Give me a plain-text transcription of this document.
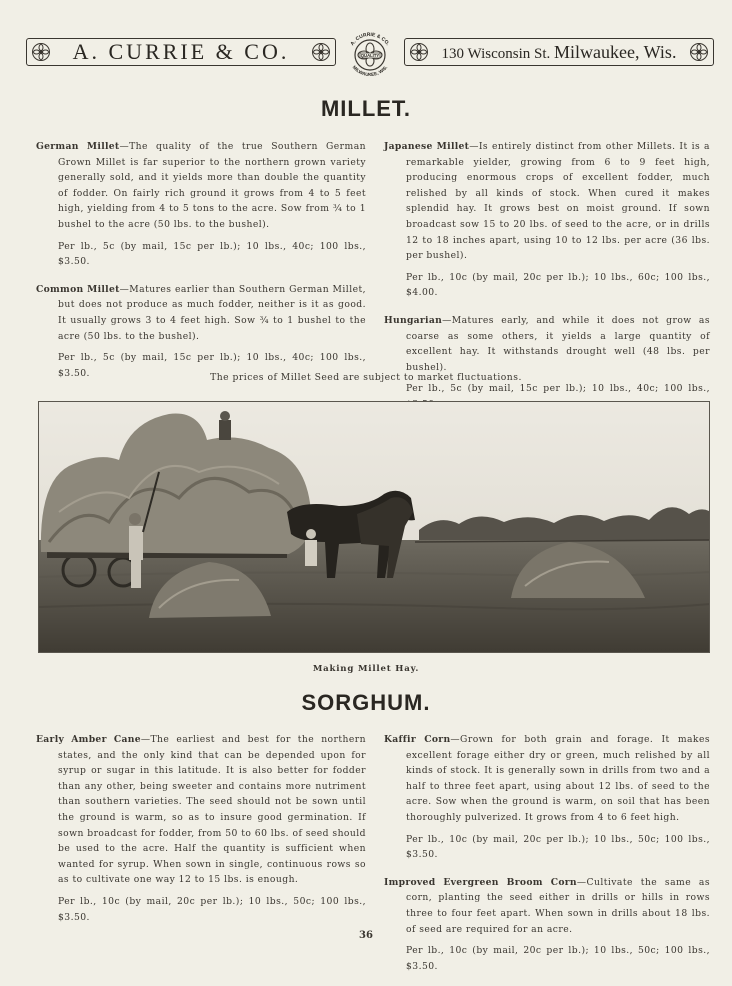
A. CURRIE & CO.	QUALITY
A. CURRIE & CO.
MILWAUKEE, WIS.
130 Wisconsin St. Milwaukee, Wis.
MILLET.

German Millet—The quality of the true Southern German Grown Millet is far superior to the northern grown variety generally sold, and it yields more than double the quantity of fodder. On fairly rich ground it grows from 4 to 5 feet high, yielding from 4 to 5 tons to the acre. Sow from ¾ to 1 bushel to the acre (50 lbs. to the bushel).

Per lb., 5c (by mail, 15c per lb.); 10 lbs., 40c; 100 lbs., $3.50.

Common Millet—Matures earlier than Southern German Millet, but does not produce as much fodder, neither is it as good. It usually grows 3 to 4 feet high. Sow ¾ to 1 bushel to the acre (50 lbs. to the bushel).

Per lb., 5c (by mail, 15c per lb.); 10 lbs., 40c; 100 lbs., $3.50.

Japanese Millet—Is entirely distinct from other Millets. It is a remarkable yielder, growing from 6 to 9 feet high, producing enormous crops of excellent fodder, much relished by all kinds of stock. When cured it makes splendid hay. It grows best on moist ground. If sown broadcast sow 15 to 20 lbs. of seed to the acre, or in drills 12 to 18 inches apart, using 10 to 12 lbs. per acre (36 lbs. per bushel).

Per lb., 10c (by mail, 20c per lb.); 10 lbs., 60c; 100 lbs., $4.00.

Hungarian—Matures early, and while it does not grow as coarse as some others, it yields a large quantity of excellent hay. It withstands drought well (48 lbs. per bushel).

Per lb., 5c (by mail, 15c per lb.); 10 lbs., 40c; 100 lbs.,

The prices of Millet Seed are subject to market fluctuations.
Making Millet Hay.
SORGHUM.

Early Amber Cane—The earliest and best for the northern states, and the only kind that can be depended upon for syrup or sugar in this latitude. It is also better for fodder than any other, being sweeter and contains more nutriment than southern varieties. The seed should not be sown until the ground is warm, so as to insure good germination. If sown broadcast for fodder, from 50 to 60 lbs. of seed should be used to the acre. Half the quantity is sufficient when wanted for syrup. When sown in single, continuous rows so as to cultivate one way 12 to 15 lbs. is enough.

Per lb., 10c (by mail, 20c per lb.); 10 lbs., 50c; 100 lbs., $3.50.

Kaffir Corn—Grown for both grain and forage. It makes excellent forage either dry or green, much relished by all kinds of stock. It is generally sown in drills from two and a half to three feet apart, using about 12 lbs. of seed to the acre. Sow when the ground is warm, on soil that has been thoroughly pulverized. It grows from 4 to 6 feet high.

Per lb., 10c (by mail, 20c per lb.); 10 lbs., 50c; 100 lbs., $3.50.

Improved Evergreen Broom Corn—Cultivate the same as corn, planting the seed either in drills or hills in rows three to four feet apart. When sown in drills about 18 lbs. of seed are required for an acre.

Per lb., 10c (by mail, 20c per lb.); 10 lbs., 50c; 100 lbs., $3.50.

36
